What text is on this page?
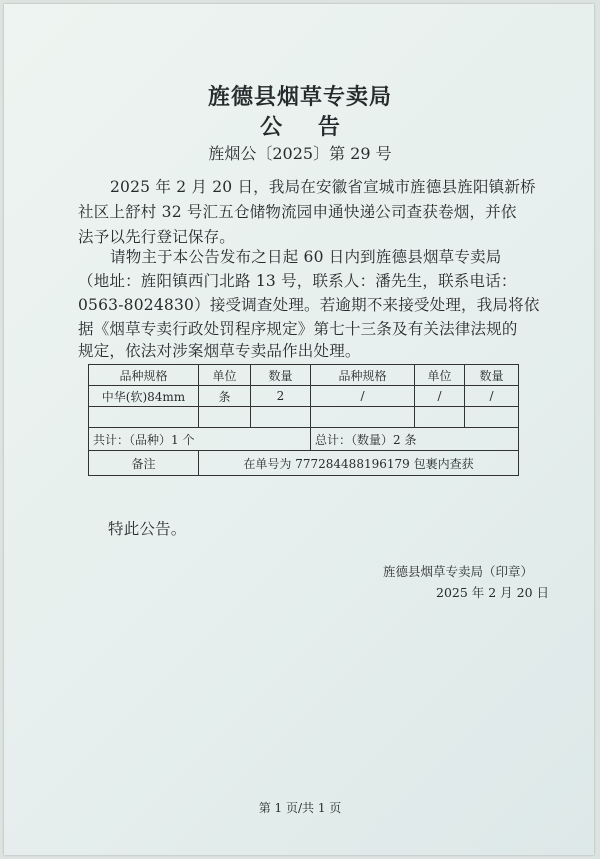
旌德县烟草专卖局
公 告
旌烟公〔2025〕第 29 号
2025 年 2 月 20 日，我局在安徽省宣城市旌德县旌阳镇新桥
社区上舒村 32 号汇五仓储物流园申通快递公司查获卷烟，并依
法予以先行登记保存。
请物主于本公告发布之日起 60 日内到旌德县烟草专卖局
（地址：旌阳镇西门北路 13 号，联系人：潘先生，联系电话：
0563-8024830）接受调查处理。若逾期不来接受处理，我局将依
据《烟草专卖行政处罚程序规定》第七十三条及有关法律法规的
规定，依法对涉案烟草专卖品作出处理。
品种规格	单位	数量	品种规格	单位	数量
中华(软)84mm	条	2	/	/	/

共计：（品种）1 个			总计：（数量）2 条		
备注	在单号为 777284488196179 包裹内查获				
特此公告。
旌德县烟草专卖局（印章）
2025 年 2 月 20 日
第 1 页/共 1 页
